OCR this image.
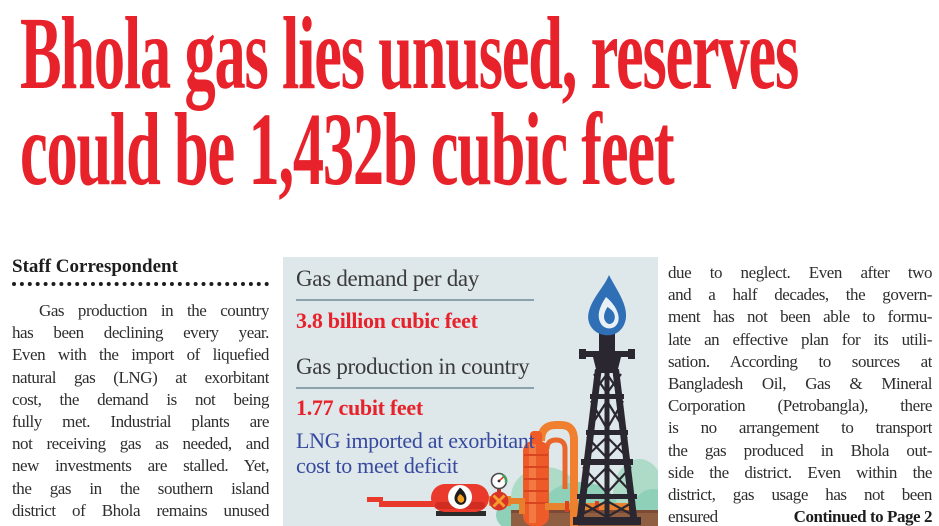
Bhola gas lies unused, reserves
could be 1,432b cubic feet
Staff Correspondent
Gas production in the country
has been declining every year.
Even with the import of liquefied
natural gas (LNG) at exorbitant
cost, the demand is not being
fully met. Industrial plants are
not receiving gas as needed, and
new investments are stalled. Yet,
the gas in the southern island
district of Bhola remains unused
Gas demand per day
3.8 billion cubic feet
Gas production in country
1.77 cubit feet
LNG imported at exorbitant
cost to meet deficit
due to neglect. Even after two
and a half decades, the govern-
ment has not been able to formu-
late an effective plan for its utili-
sation. According to sources at
Bangladesh Oil, Gas & Mineral
Corporation (Petrobangla), there
is no arrangement to transport
the gas produced in Bhola out-
side the district. Even within the
district, gas usage has not been
ensured	Continued to Page 2
